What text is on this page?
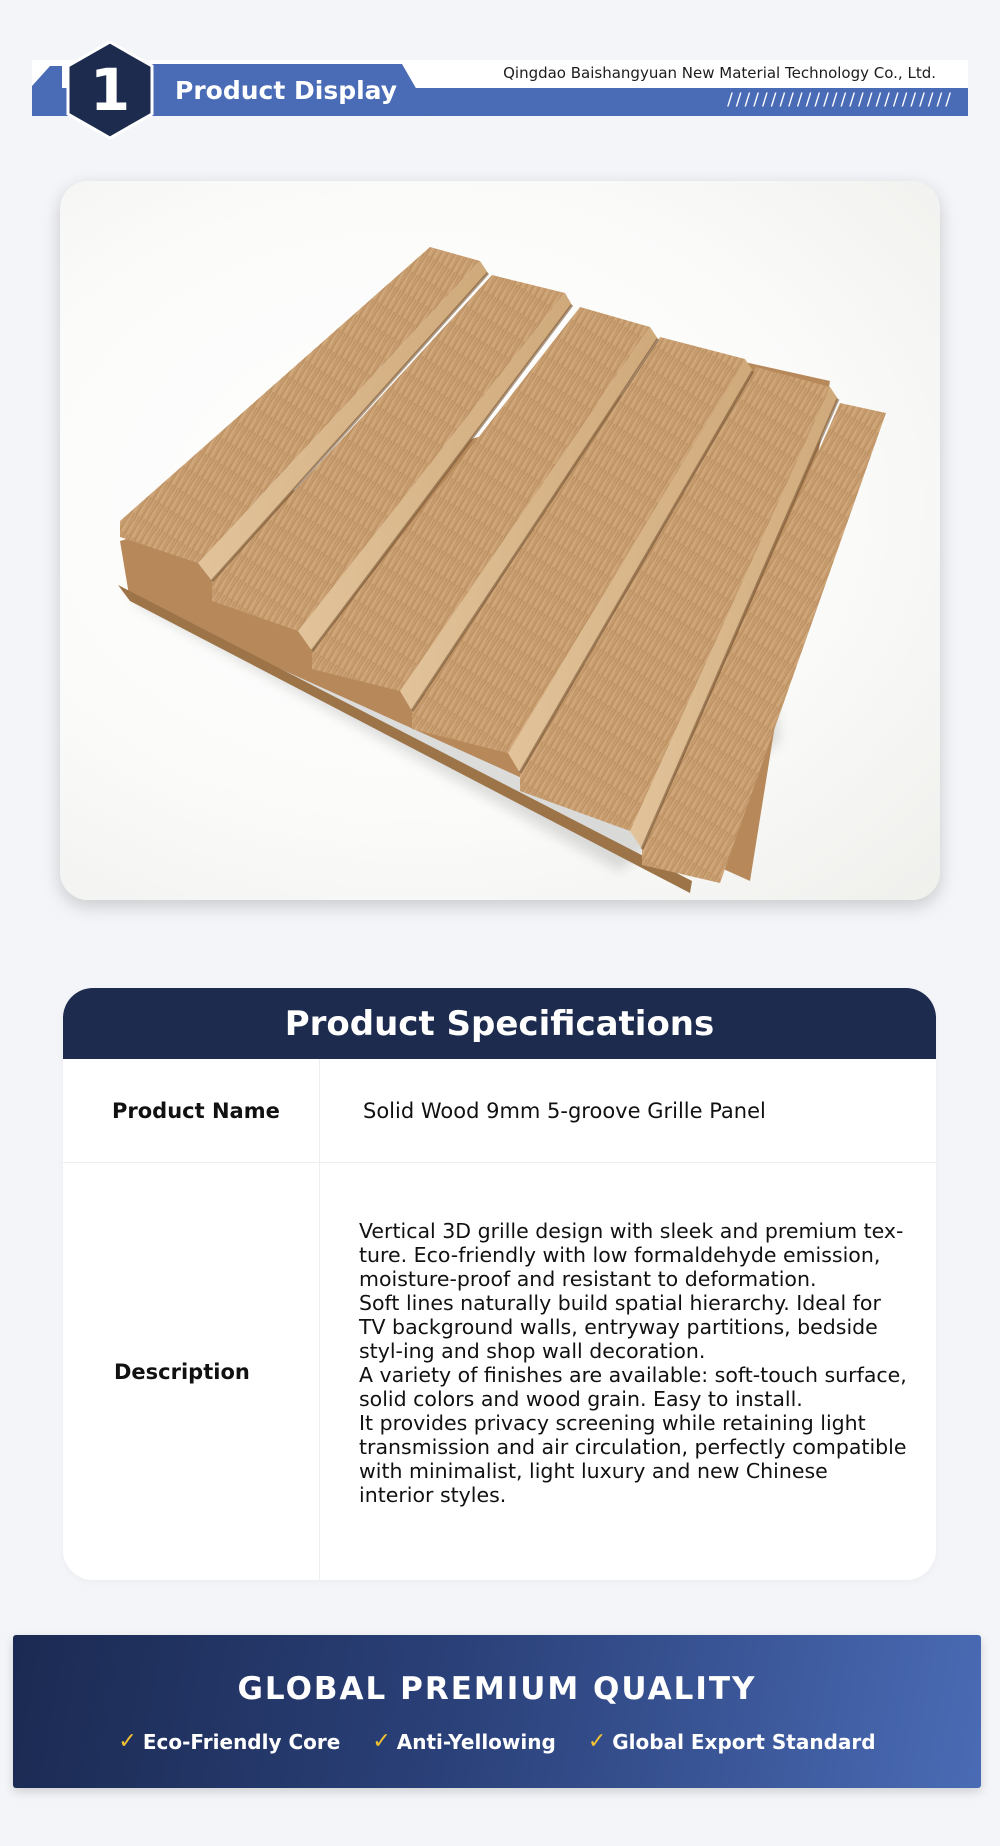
Product Display
Qingdao Baishangyuan New Material Technology Co., Ltd.
//////////////////////////
1
Product Specifications
Product Name	Solid Wood 9mm 5-groove Grille Panel
Description

Vertical 3D grille design with sleek and premium tex-ture. Eco-friendly with low formaldehyde emission, moisture-proof and resistant to deformation.

Soft lines naturally build spatial hierarchy. Ideal for TV background walls, entryway partitions, bedside styl-ing and shop wall decoration.

A variety of finishes are available: soft-touch surface, solid colors and wood grain. Easy to install.

It provides privacy screening while retaining light transmission and air circulation, perfectly compatible with minimalist, light luxury and new Chinese interior styles.

GLOBAL PREMIUM QUALITY
✓ Eco-Friendly Core ✓ Anti-Yellowing ✓ Global Export Standard
